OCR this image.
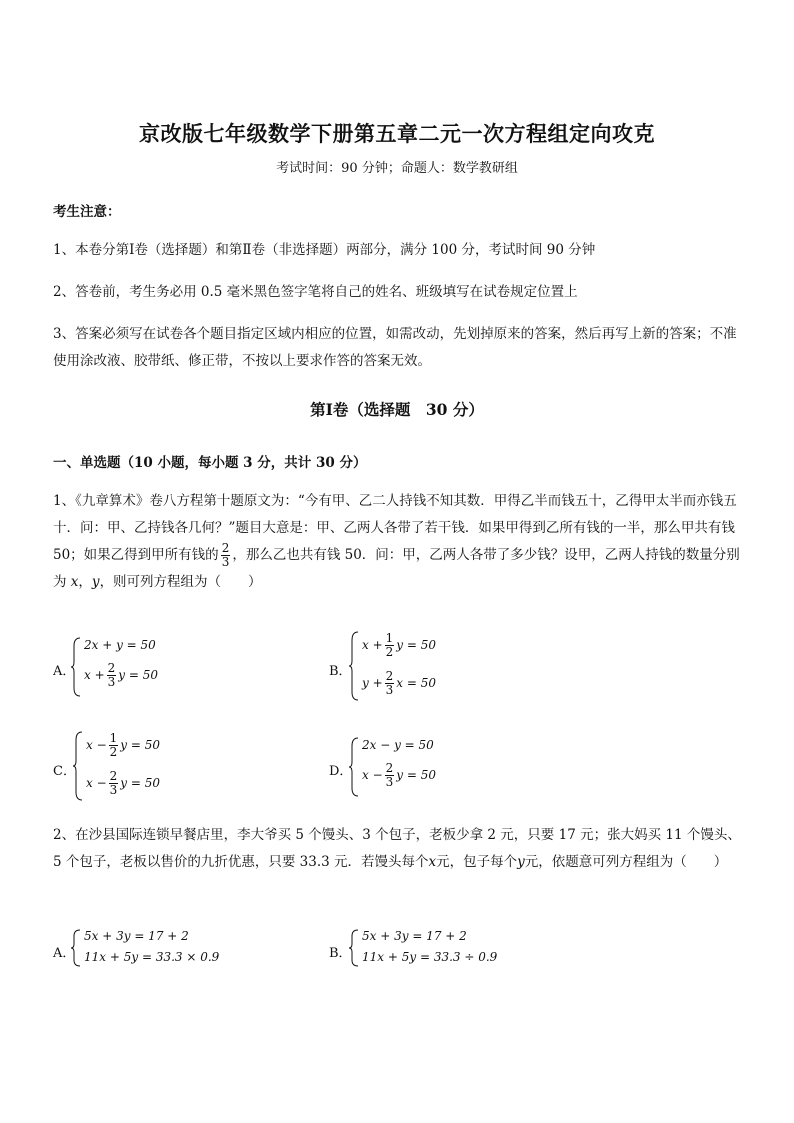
京改版七年级数学下册第五章二元一次方程组定向攻克
考试时间：90 分钟；命题人：数学教研组
考生注意：
1、本卷分第Ⅰ卷（选择题）和第Ⅱ卷（非选择题）两部分，满分 100 分，考试时间 90 分钟
2、答卷前，考生务必用 0.5 毫米黑色签字笔将自己的姓名、班级填写在试卷规定位置上
3、答案必须写在试卷各个题目指定区域内相应的位置，如需改动，先划掉原来的答案，然后再写上新的答案；不准使用涂改液、胶带纸、修正带，不按以上要求作答的答案无效。
第Ⅰ卷（选择题　30 分）
一、单选题（10 小题，每小题 3 分，共计 30 分）
1、《九章算术》卷八方程第十题原文为：“今有甲、乙二人持钱不知其数．甲得乙半而钱五十，乙得甲太半而亦钱五十．问：甲、乙持钱各几何？”题目大意是：甲、乙两人各带了若干钱．如果甲得到乙所有钱的一半，那么甲共有钱 50；如果乙得到甲所有钱的 $\frac{2}{3}$ ，那么乙也共有钱 50．问：甲，乙两人各带了多少钱？设甲，乙两人持钱的数量分别为 x，y，则可列方程组为（　　）
A．
2x + y = 50
$x + \frac{2}{3}$ y = 50	B．
$x + \frac{1}{2}$ y = 50
$y + \frac{2}{3}$ x = 50
C．
$x - \frac{1}{2}$ y = 50
$x - \frac{2}{3}$ y = 50
D．
2x − y = 50
$x - \frac{2}{3}$ y = 50
2、在沙县国际连锁早餐店里，李大爷买 5 个馒头、3 个包子，老板少拿 2 元，只要 17 元；张大妈买 11 个馒头、5 个包子，老板以售价的九折优惠，只要 33.3 元．若馒头每个x元，包子每个y元，依题意可列方程组为（　　）
A．
5x + 3y = 17 + 2
11x + 5y = 33.3 × 0.9	B．
5x + 3y = 17 + 2
11x + 5y = 33.3 ÷ 0.9
